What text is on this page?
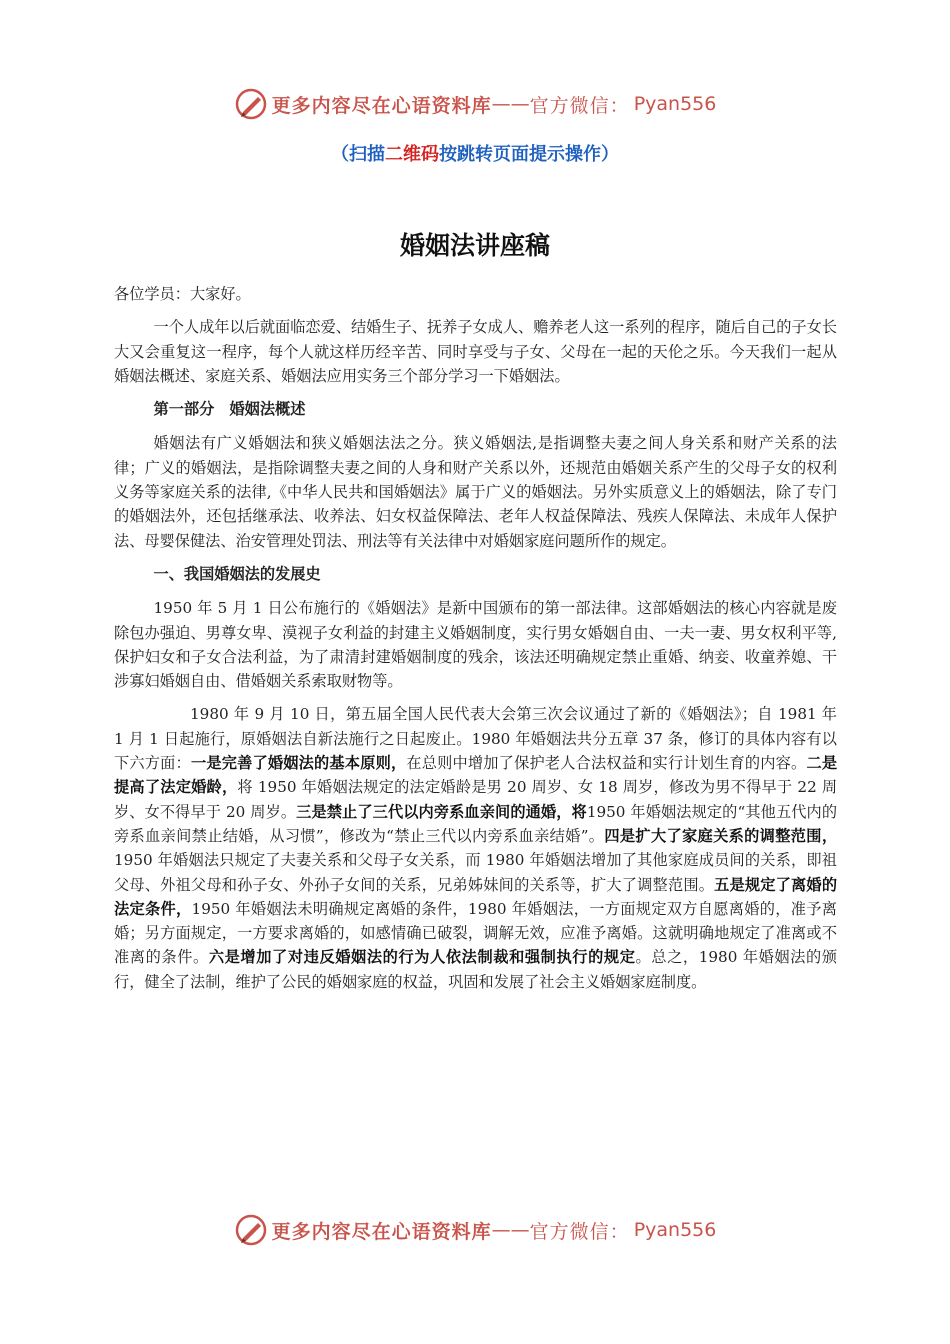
更多内容尽在心语资料库 —— 官方微信： Pyan556
（扫描二维码按跳转页面提示操作）
婚姻法讲座稿

各位学员：大家好。

一个人成年以后就面临恋爱、结婚生子、抚养子女成人、赡养老人这一系列的程序，随后自己的子女长大又会重复这一程序，每个人就这样历经辛苦、同时享受与子女、父母在一起的天伦之乐。今天我们一起从婚姻法概述、家庭关系、婚姻法应用实务三个部分学习一下婚姻法。

第一部分　婚姻法概述

婚姻法有广义婚姻法和狭义婚姻法法之分。狭义婚姻法,是指调整夫妻之间人身关系和财产关系的法律；广义的婚姻法，是指除调整夫妻之间的人身和财产关系以外，还规范由婚姻关系产生的父母子女的权利义务等家庭关系的法律,《中华人民共和国婚姻法》属于广义的婚姻法。另外实质意义上的婚姻法，除了专门的婚姻法外，还包括继承法、收养法、妇女权益保障法、老年人权益保障法、残疾人保障法、未成年人保护法、母婴保健法、治安管理处罚法、刑法等有关法律中对婚姻家庭问题所作的规定。

一、我国婚姻法的发展史

1950 年 5 月 1 日公布施行的《婚姻法》是新中国颁布的第一部法律。这部婚姻法的核心内容就是废除包办强迫、男尊女卑、漠视子女利益的封建主义婚姻制度，实行男女婚姻自由、一夫一妻、男女权利平等,保护妇女和子女合法利益，为了肃清封建婚姻制度的残余，该法还明确规定禁止重婚、纳妾、收童养媳、干涉寡妇婚姻自由、借婚姻关系索取财物等。

1980 年 9 月 10 日，第五届全国人民代表大会第三次会议通过了新的《婚姻法》；自 1981 年 1 月 1 日起施行，原婚姻法自新法施行之日起废止。1980 年婚姻法共分五章 37 条，修订的具体内容有以下六方面：一是完善了婚姻法的基本原则，在总则中增加了保护老人合法权益和实行计划生育的内容。二是提高了法定婚龄，将 1950 年婚姻法规定的法定婚龄是男 20 周岁、女 18 周岁，修改为男不得早于 22 周岁、女不得早于 20 周岁。三是禁止了三代以内旁系血亲间的通婚，将1950 年婚姻法规定的“其他五代内的旁系血亲间禁止结婚，从习惯”，修改为“禁止三代以内旁系血亲结婚”。四是扩大了家庭关系的调整范围，1950 年婚姻法只规定了夫妻关系和父母子女关系，而 1980 年婚姻法增加了其他家庭成员间的关系，即祖父母、外祖父母和孙子女、外孙子女间的关系，兄弟姊妹间的关系等，扩大了调整范围。五是规定了离婚的法定条件，1950 年婚姻法未明确规定离婚的条件，1980 年婚姻法，一方面规定双方自愿离婚的，准予离婚；另方面规定，一方要求离婚的，如感情确已破裂，调解无效，应准予离婚。这就明确地规定了准离或不准离的条件。六是增加了对违反婚姻法的行为人依法制裁和强制执行的规定。总之，1980 年婚姻法的颁行，健全了法制，维护了公民的婚姻家庭的权益，巩固和发展了社会主义婚姻家庭制度。

更多内容尽在心语资料库 —— 官方微信： Pyan556
